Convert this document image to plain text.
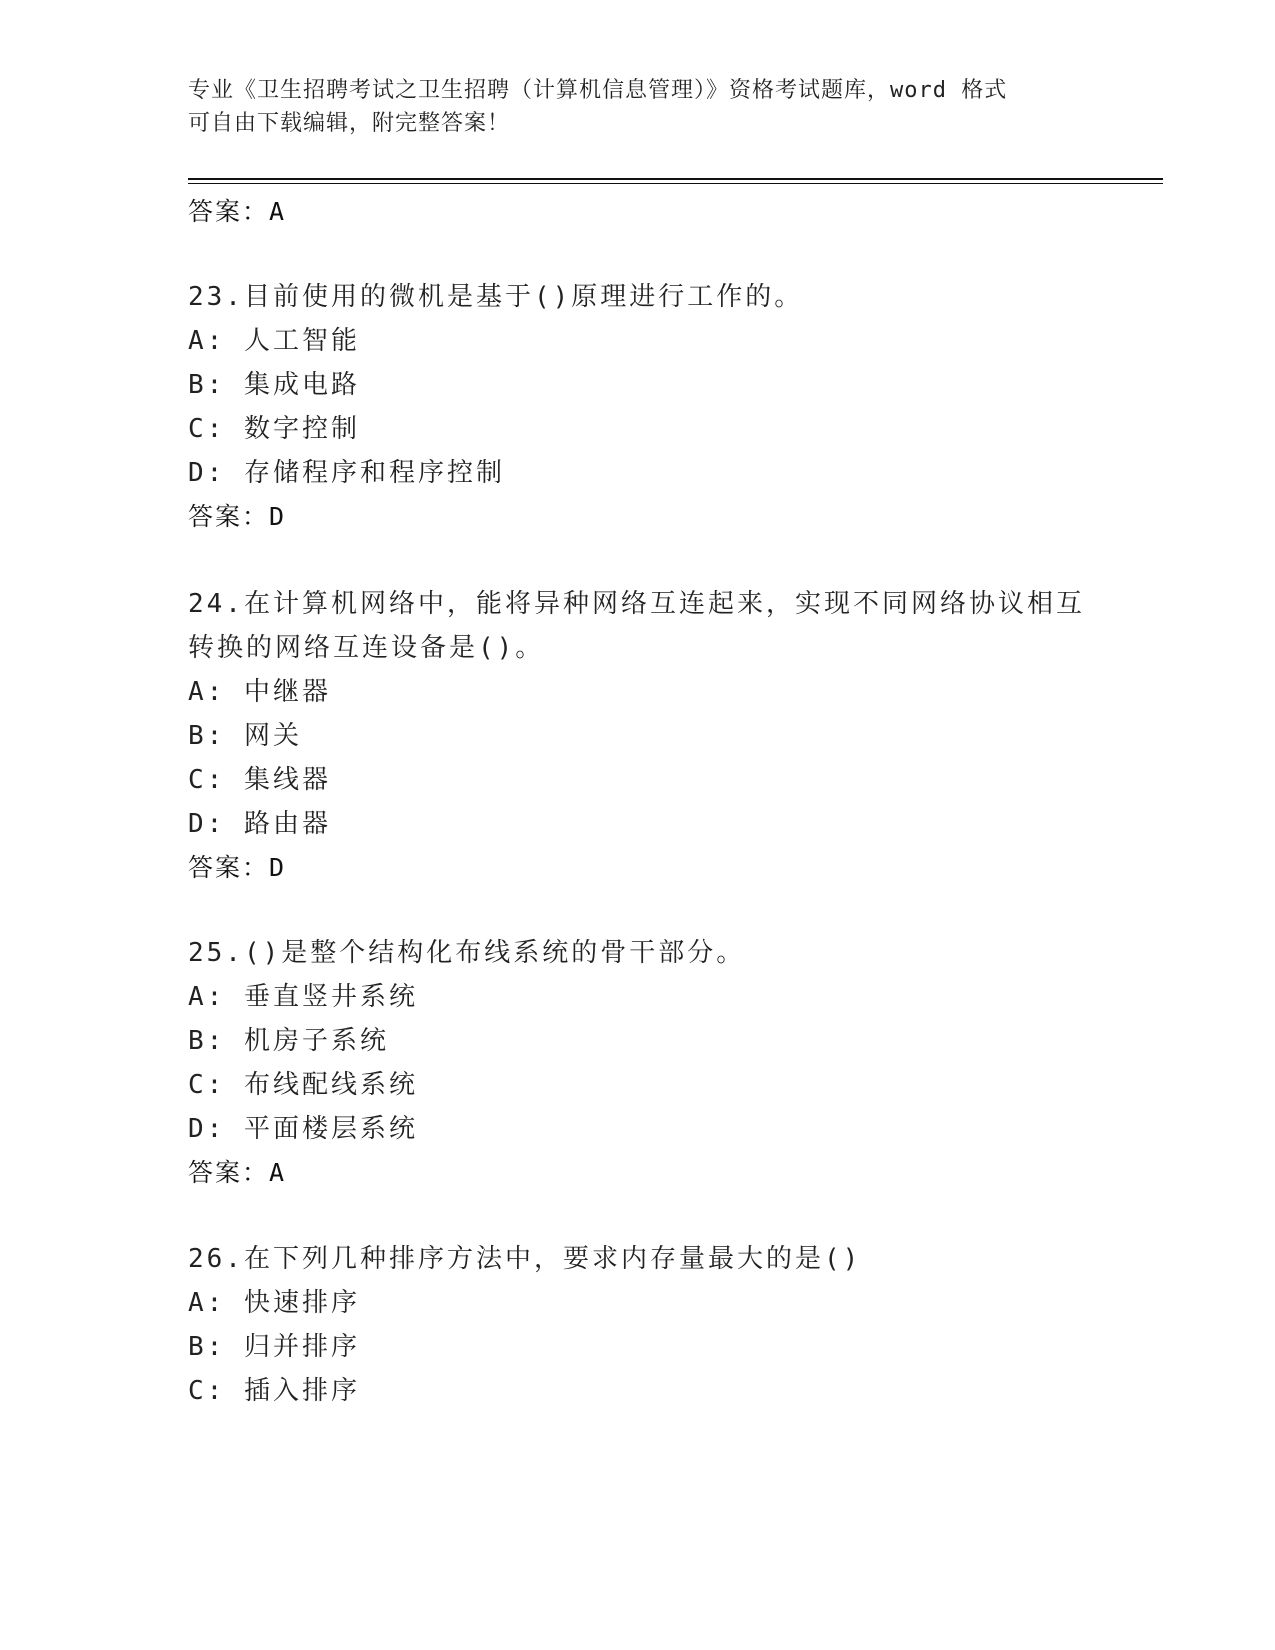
专业《卫生招聘考试之卫生招聘（计算机信息管理）》资格考试题库，word 格式
可自由下载编辑，附完整答案！
答案：A
23.目前使用的微机是基于()原理进行工作的。
A: 人工智能
B: 集成电路
C: 数字控制
D: 存储程序和程序控制
答案：D
24.在计算机网络中，能将异种网络互连起来，实现不同网络协议相互
转换的网络互连设备是()。
A: 中继器
B: 网关
C: 集线器
D: 路由器
答案：D
25.()是整个结构化布线系统的骨干部分。
A: 垂直竖井系统
B: 机房子系统
C: 布线配线系统
D: 平面楼层系统
答案：A
26.在下列几种排序方法中，要求内存量最大的是()
A: 快速排序
B: 归并排序
C: 插入排序
